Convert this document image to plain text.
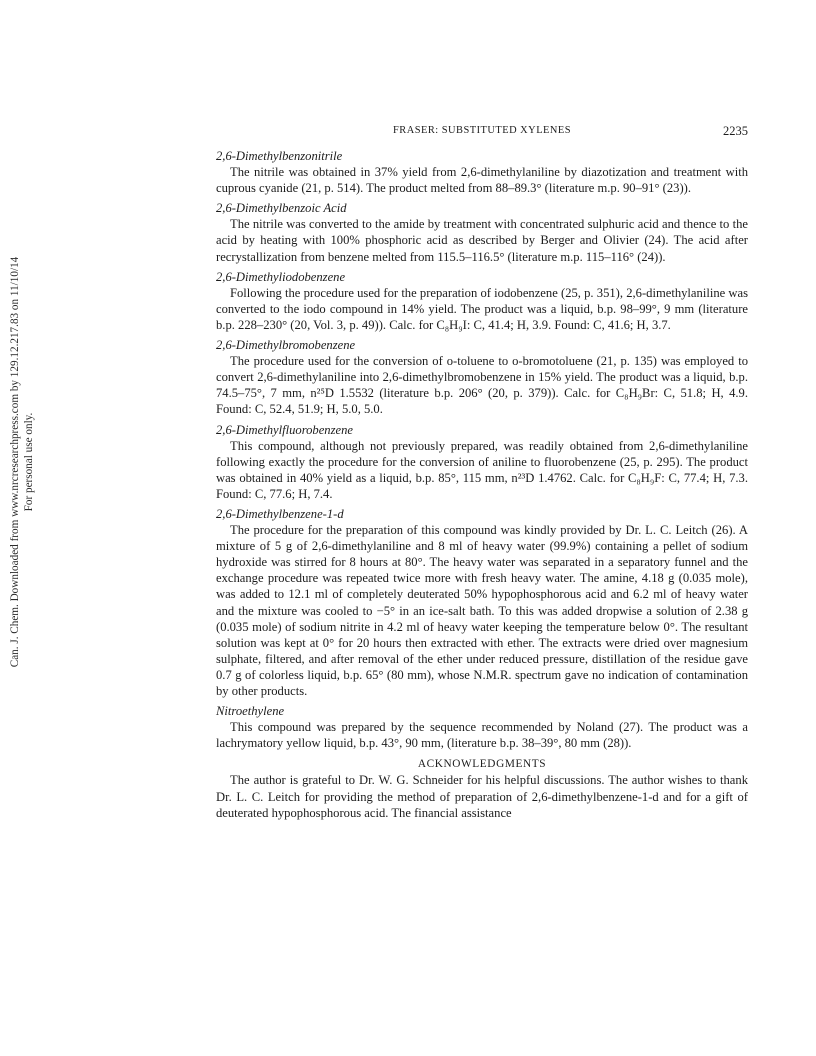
Can. J. Chem. Downloaded from www.nrcresearchpress.com by 129.12.217.83 on 11/10/14 For personal use only.
FRASER: SUBSTITUTED XYLENES	2235
2,6-Dimethylbenzonitrile

The nitrile was obtained in 37% yield from 2,6-dimethylaniline by diazotization and treatment with cuprous cyanide (21, p. 514). The product melted from 88–89.3° (literature m.p. 90–91° (23)).

2,6-Dimethylbenzoic Acid

The nitrile was converted to the amide by treatment with concentrated sulphuric acid and thence to the acid by heating with 100% phosphoric acid as described by Berger and Olivier (24). The acid after recrystallization from benzene melted from 115.5–116.5° (literature m.p. 115–116° (24)).

2,6-Dimethyliodobenzene

Following the procedure used for the preparation of iodobenzene (25, p. 351), 2,6-dimethylaniline was converted to the iodo compound in 14% yield. The product was a liquid, b.p. 98–99°, 9 mm (literature b.p. 228–230° (20, Vol. 3, p. 49)). Calc. for C₈H₉I: C, 41.4; H, 3.9. Found: C, 41.6; H, 3.7.

2,6-Dimethylbromobenzene

The procedure used for the conversion of o-toluene to o-bromotoluene (21, p. 135) was employed to convert 2,6-dimethylaniline into 2,6-dimethylbromobenzene in 15% yield. The product was a liquid, b.p. 74.5–75°, 7 mm, n²⁵D 1.5532 (literature b.p. 206° (20, p. 379)). Calc. for C₈H₉Br: C, 51.8; H, 4.9. Found: C, 52.4, 51.9; H, 5.0, 5.0.

2,6-Dimethylfluorobenzene

This compound, although not previously prepared, was readily obtained from 2,6-dimethylaniline following exactly the procedure for the conversion of aniline to fluorobenzene (25, p. 295). The product was obtained in 40% yield as a liquid, b.p. 85°, 115 mm, n²³D 1.4762. Calc. for C₈H₉F: C, 77.4; H, 7.3. Found: C, 77.6; H, 7.4.

2,6-Dimethylbenzene-1-d

The procedure for the preparation of this compound was kindly provided by Dr. L. C. Leitch (26). A mixture of 5 g of 2,6-dimethylaniline and 8 ml of heavy water (99.9%) containing a pellet of sodium hydroxide was stirred for 8 hours at 80°. The heavy water was separated in a separatory funnel and the exchange procedure was repeated twice more with fresh heavy water. The amine, 4.18 g (0.035 mole), was added to 12.1 ml of completely deuterated 50% hypophosphorous acid and 6.2 ml of heavy water and the mixture was cooled to −5° in an ice-salt bath. To this was added dropwise a solution of 2.38 g (0.035 mole) of sodium nitrite in 4.2 ml of heavy water keeping the temperature below 0°. The resultant solution was kept at 0° for 20 hours then extracted with ether. The extracts were dried over magnesium sulphate, filtered, and after removal of the ether under reduced pressure, distillation of the residue gave 0.7 g of colorless liquid, b.p. 65° (80 mm), whose N.M.R. spectrum gave no indication of contamination by other products.

Nitroethylene

This compound was prepared by the sequence recommended by Noland (27). The product was a lachrymatory yellow liquid, b.p. 43°, 90 mm, (literature b.p. 38–39°, 80 mm (28)).

ACKNOWLEDGMENTS

The author is grateful to Dr. W. G. Schneider for his helpful discussions. The author wishes to thank Dr. L. C. Leitch for providing the method of preparation of 2,6-dimethylbenzene-1-d and for a gift of deuterated hypophosphorous acid. The financial assistance
